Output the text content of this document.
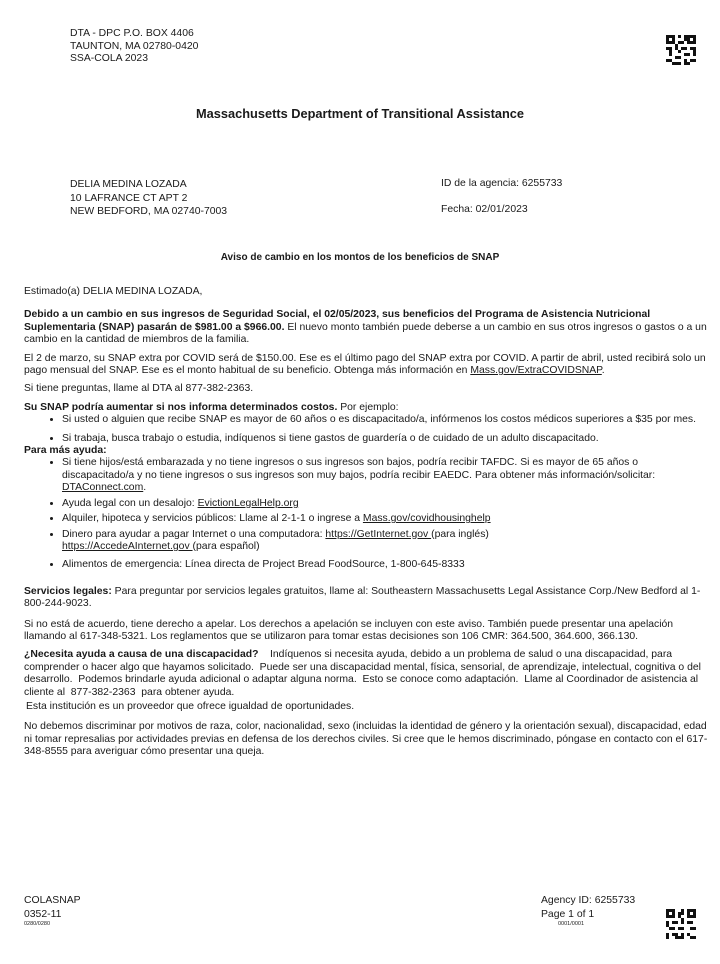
DTA - DPC P.O. BOX 4406
TAUNTON, MA 02780-0420
SSA-COLA 2023
Massachusetts Department of Transitional Assistance
DELIA MEDINA LOZADA
10 LAFRANCE CT APT 2
NEW BEDFORD, MA 02740-7003
ID de la agencia: 6255733
Fecha: 02/01/2023
Aviso de cambio en los montos de los beneficios de SNAP

Estimado(a) DELIA MEDINA LOZADA,

Debido a un cambio en sus ingresos de Seguridad Social, el 02/05/2023, sus beneficios del Programa de Asistencia Nutricional Suplementaria (SNAP) pasarán de $981.00 a $966.00. El nuevo monto también puede deberse a un cambio en sus otros ingresos o gastos o a un cambio en la cantidad de miembros de la familia.

El 2 de marzo, su SNAP extra por COVID será de $150.00. Ese es el último pago del SNAP extra por COVID. A partir de abril, usted recibirá solo un pago mensual del SNAP. Ese es el monto habitual de su beneficio. Obtenga más información en Mass.gov/ExtraCOVIDSNAP.

Si tiene preguntas, llame al DTA al 877-382-2363.

Su SNAP podría aumentar si nos informa determinados costos. Por ejemplo:

• Si usted o alguien que recibe SNAP es mayor de 60 años o es discapacitado/a, infórmenos los costos médicos superiores a $35 por mes.
• Si trabaja, busca trabajo o estudia, indíquenos si tiene gastos de guardería o de cuidado de un adulto discapacitado.

Para más ayuda:

• Si tiene hijos/está embarazada y no tiene ingresos o sus ingresos son bajos, podría recibir TAFDC. Si es mayor de 65 años o discapacitado/a y no tiene ingresos o sus ingresos son muy bajos, podría recibir EAEDC. Para obtener más información/solicitar: DTAConnect.com.
• Ayuda legal con un desalojo: EvictionLegalHelp.org
• Alquiler, hipoteca y servicios públicos: Llame al 2-1-1 o ingrese a Mass.gov/covidhousinghelp
• Dinero para ayudar a pagar Internet o una computadora: https://GetInternet.gov (para inglés)
https://AccedeAInternet.gov (para español)
• Alimentos de emergencia: Línea directa de Project Bread FoodSource, 1-800-645-8333

Servicios legales: Para preguntar por servicios legales gratuitos, llame al: Southeastern Massachusetts Legal Assistance Corp./New Bedford al 1-800-244-9023.

Si no está de acuerdo, tiene derecho a apelar. Los derechos a apelación se incluyen con este aviso. También puede presentar una apelación llamando al 617-348-5321. Los reglamentos que se utilizaron para tomar estas decisiones son 106 CMR: 364.500, 364.600, 366.130.

¿Necesita ayuda a causa de una discapacidad?    Indíquenos si necesita ayuda, debido a un problema de salud o una discapacidad, para comprender o hacer algo que hayamos solicitado.  Puede ser una discapacidad mental, física, sensorial, de aprendizaje, intelectual, cognitiva o del desarrollo.  Podemos brindarle ayuda adicional o adaptar alguna norma.  Esto se conoce como adaptación.  Llame al Coordinador de asistencia al cliente al  877-382-2363  para obtener ayuda.

Esta institución es un proveedor que ofrece igualdad de oportunidades.

No debemos discriminar por motivos de raza, color, nacionalidad, sexo (incluidas la identidad de género y la orientación sexual), discapacidad, edad ni tomar represalias por actividades previas en defensa de los derechos civiles. Si cree que le hemos discriminado, póngase en contacto con el 617-348-8555 para averiguar cómo presentar una queja.

COLASNAP
0352-11
0280/0280
Agency ID: 6255733
Page 1 of 1
0001/0001
